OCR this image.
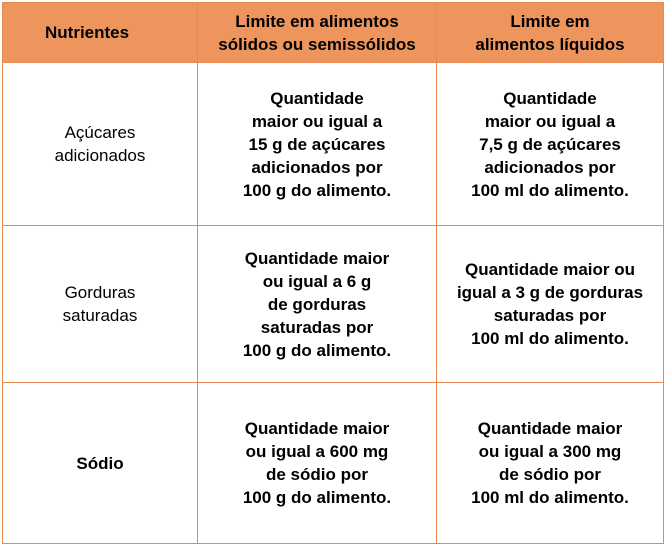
Nutrientes	Limite em alimentos
sólidos ou semissólidos	Limite em
alimentos líquidos

Açúcares
adicionados	Quantidade
maior ou igual a
15 g de açúcares
adicionados por
100 g do alimento.	Quantidade
maior ou igual a
7,5 g de açúcares
adicionados por
100 ml do alimento.

Gorduras
saturadas	Quantidade maior
ou igual a 6 g
de gorduras
saturadas por
100 g do alimento.	Quantidade maior ou
igual a 3 g de gorduras
saturadas por
100 ml do alimento.

Sódio	Quantidade maior
ou igual a 600 mg
de sódio por
100 g do alimento.	Quantidade maior
ou igual a 300 mg
de sódio por
100 ml do alimento.
